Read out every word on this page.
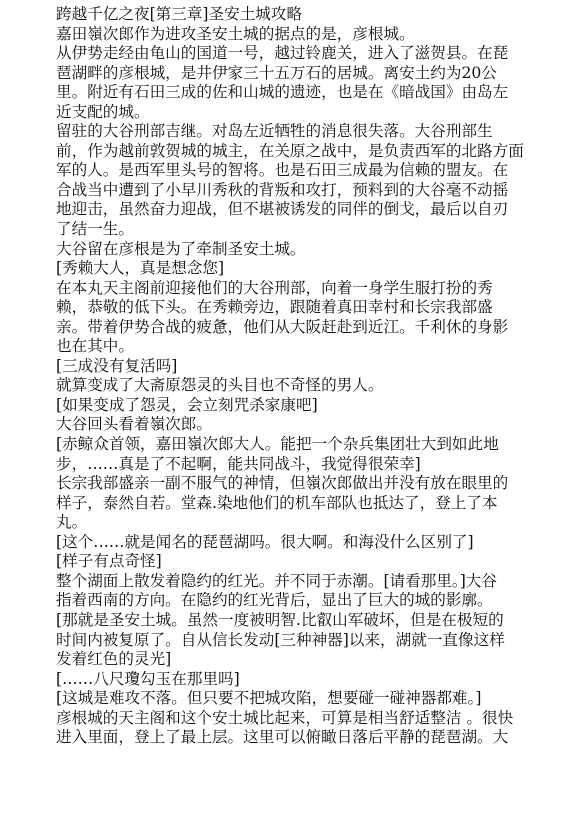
跨越千亿之夜[第三章]圣安土城攻略
嘉田嶺次郎作为进攻圣安土城的据点的是，彦根城。
从伊势走经由龟山的国道一号，越过铃鹿关，进入了滋贺县。在琵
琶湖畔的彦根城，是井伊家三十五万石的居城。离安土约为20公
里。附近有石田三成的佐和山城的遗迹，也是在《暗战国》由岛左
近支配的城。
留驻的大谷刑部吉继。对岛左近牺牲的消息很失落。大谷刑部生
前，作为越前敦贺城的城主，在关原之战中，是负责西军的北路方面
军的人。是西军里头号的智将。也是石田三成最为信赖的盟友。在
合战当中遭到了小早川秀秋的背叛和攻打，预料到的大谷毫不动摇
地迎击，虽然奋力迎战，但不堪被诱发的同伴的倒戈，最后以自刃
了结一生。
大谷留在彦根是为了牵制圣安土城。
[秀赖大人，真是想念您]
在本丸天主阁前迎接他们的大谷刑部，向着一身学生服打扮的秀
赖，恭敬的低下头。在秀赖旁边，跟随着真田幸村和长宗我部盛
亲。带着伊势合战的疲惫，他们从大阪赶赴到近江。千利休的身影
也在其中。
[三成没有复活吗]
就算变成了大斋原怨灵的头目也不奇怪的男人。
[如果变成了怨灵，会立刻咒杀家康吧]
大谷回头看着嶺次郎。
[赤鲸众首领，嘉田嶺次郎大人。能把一个杂兵集团壮大到如此地
步，……真是了不起啊，能共同战斗，我觉得很荣幸]
长宗我部盛亲一副不服气的神情，但嶺次郎做出并没有放在眼里的
样子，泰然自若。堂森.染地他们的机车部队也抵达了，登上了本
丸。
[这个……就是闻名的琵琶湖吗。很大啊。和海没什么区别了]
[样子有点奇怪]
整个湖面上散发着隐约的红光。并不同于赤潮。[请看那里。]大谷
指着西南的方向。在隐约的红光背后，显出了巨大的城的影廓。
[那就是圣安土城。虽然一度被明智.比叡山军破坏，但是在极短的
时间内被复原了。自从信长发动[三种神器]以来，湖就一直像这样
发着红色的灵光]
[……八尺瓊勾玉在那里吗]
[这城是难攻不落。但只要不把城攻陷，想要碰一碰神器都难。]
彦根城的天主阁和这个安土城比起来，可算是相当舒适整洁 。很快
进入里面，登上了最上层。这里可以俯瞰日落后平静的琵琶湖。大
